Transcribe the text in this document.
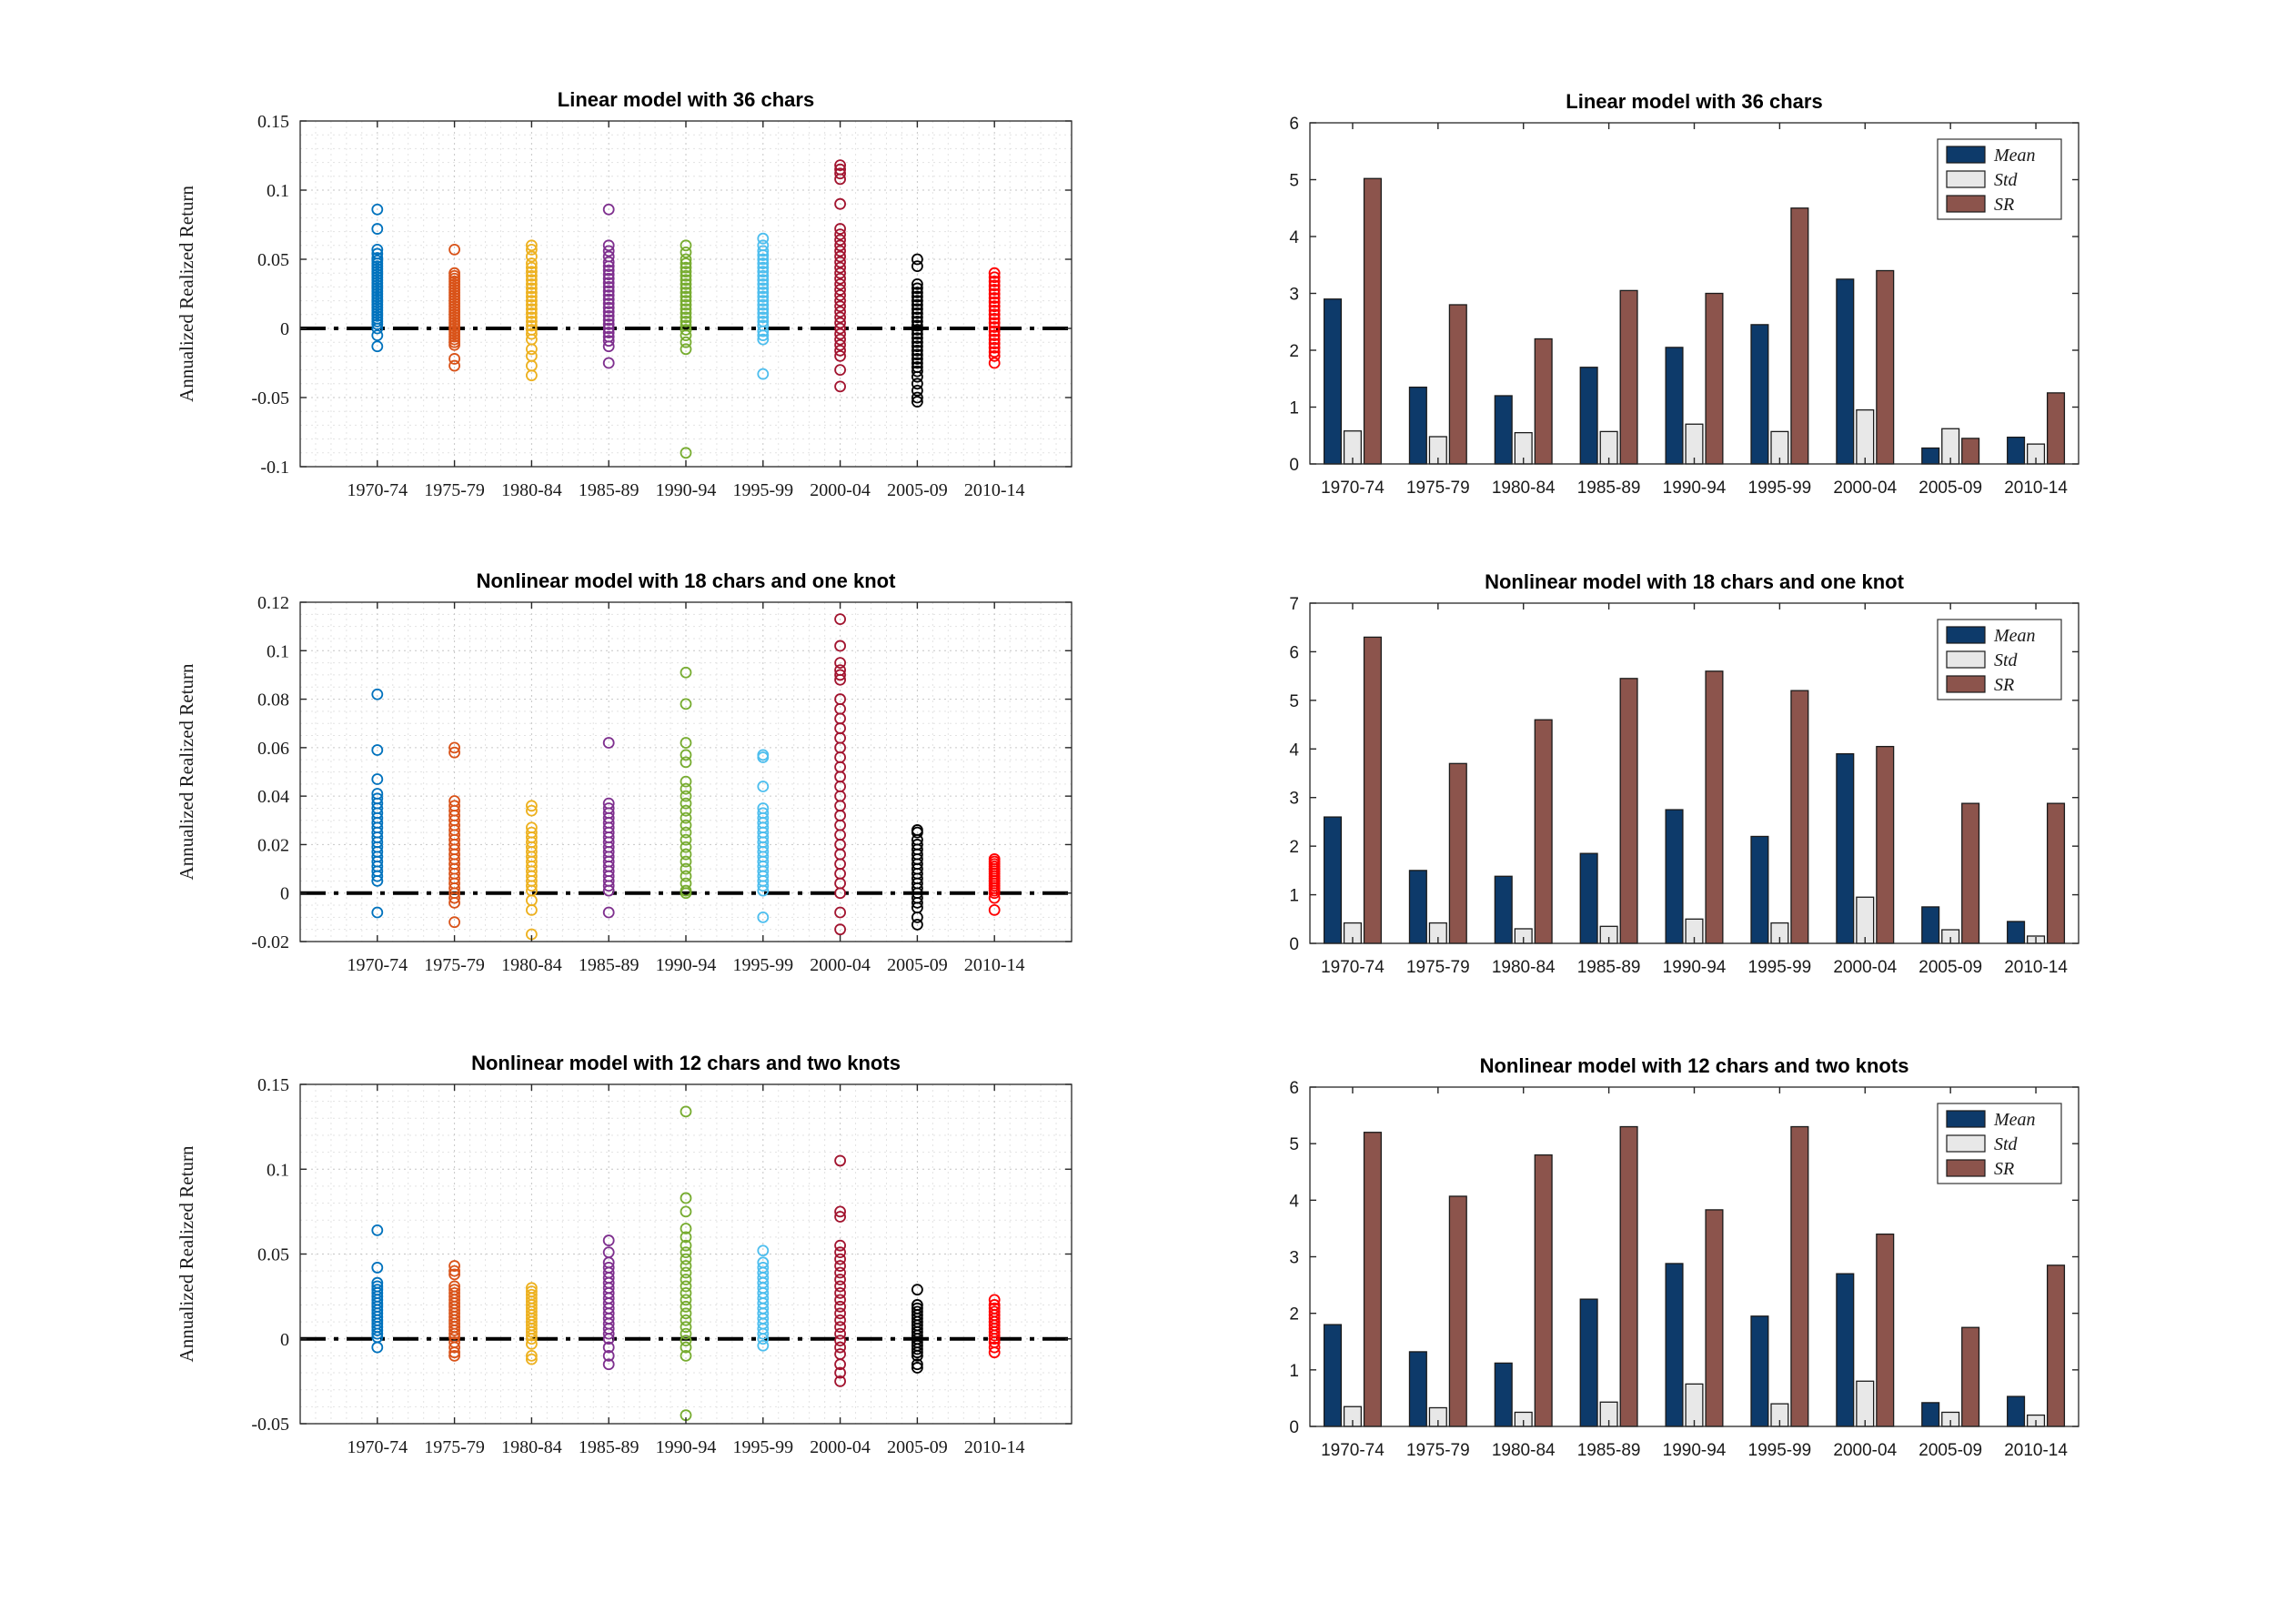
-0.1
-0.05
0
0.05
0.1
0.15
1970-74 1975-79 1980-84 1985-89 1990-94 1995-99 2000-04 2005-09 2010-14
Annualized Realized Return
Linear model with 36 chars
0
1
2
3
4
5
6
1970-74 1975-79 1980-84 1985-89 1990-94 1995-99 2000-04 2005-09 2010-14
Mean
Std
SR
Linear model with 36 chars
-0.02
0
0.02
0.04
0.06
0.08
0.1
0.12
1970-74 1975-79 1980-84 1985-89 1990-94 1995-99 2000-04 2005-09 2010-14
Annualized Realized Return
Nonlinear model with 18 chars and one knot
0
1
2
3
4
5
6
7
1970-74 1975-79 1980-84 1985-89 1990-94 1995-99 2000-04 2005-09 2010-14
Mean
Std
SR
Nonlinear model with 18 chars and one knot
-0.05
0
0.05
0.1
0.15
1970-74 1975-79 1980-84 1985-89 1990-94 1995-99 2000-04 2005-09 2010-14
Annualized Realized Return
Nonlinear model with 12 chars and two knots
0
1
2
3
4
5
6
1970-74 1975-79 1980-84 1985-89 1990-94 1995-99 2000-04 2005-09 2010-14
Mean
Std
SR
Nonlinear model with 12 chars and two knots
